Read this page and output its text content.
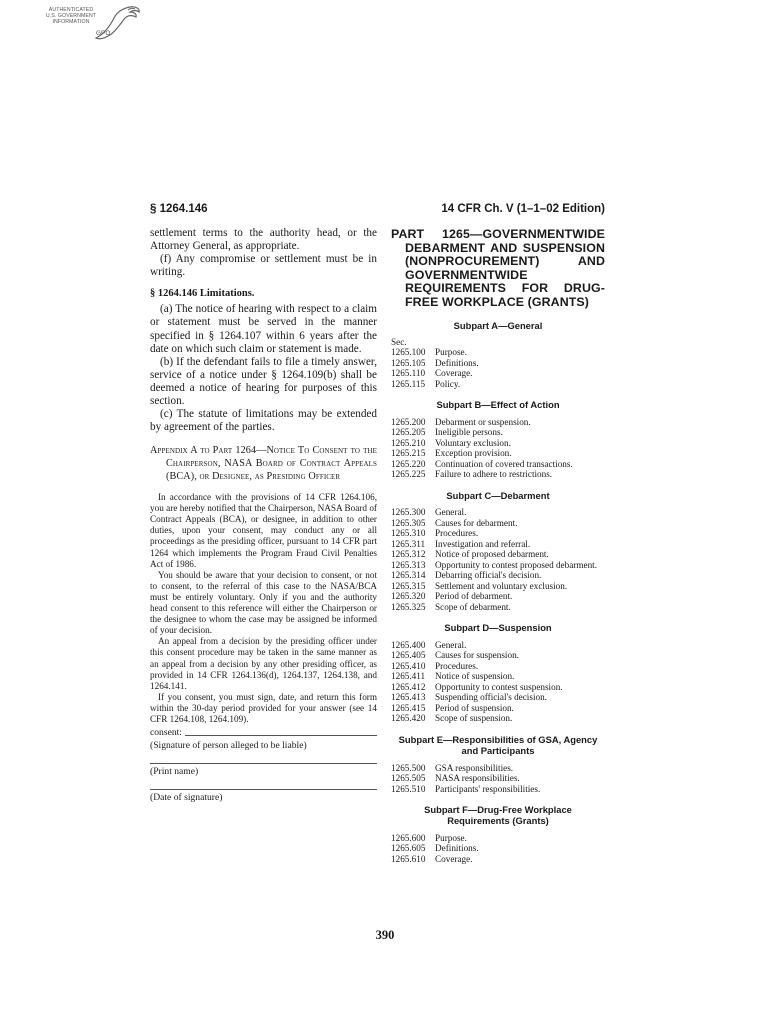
AUTHENTICATED
U.S. GOVERNMENT
INFORMATION
GPO
§ 1264.146	14 CFR Ch. V (1–1–02 Edition)

settlement terms to the authority head, or the Attorney General, as appropriate.

(f) Any compromise or settlement must be in writing.

§ 1264.146 Limitations.

(a) The notice of hearing with respect to a claim or statement must be served in the manner specified in § 1264.107 within 6 years after the date on which such claim or statement is made.

(b) If the defendant fails to file a timely answer, service of a notice under § 1264.109(b) shall be deemed a notice of hearing for purposes of this section.

(c) The statute of limitations may be extended by agreement of the parties.

Appendix A to Part 1264—Notice To Consent to the Chairperson, NASA Board of Contract Appeals (BCA), or Designee, as Presiding Officer

In accordance with the provisions of 14 CFR 1264.106, you are hereby notified that the Chairperson, NASA Board of Contract Appeals (BCA), or designee, in addition to other duties, upon your consent, may conduct any or all proceedings as the presiding officer, pursuant to 14 CFR part 1264 which implements the Program Fraud Civil Penalties Act of 1986.

You should be aware that your decision to consent, or not to consent, to the referral of this case to the NASA/BCA must be entirely voluntary. Only if you and the authority head consent to this reference will either the Chairperson or the designee to whom the case may be assigned be informed of your decision.

An appeal from a decision by the presiding officer under this consent procedure may be taken in the same manner as an appeal from a decision by any other presiding officer, as provided in 14 CFR 1264.136(d), 1264.137, 1264.138, and 1264.141.

If you consent, you must sign, date, and return this form within the 30-day period provided for your answer (see 14 CFR 1264.108, 1264.109).

consent:
(Signature of person alleged to be liable)
(Print name)
(Date of signature)

PART 1265—GOVERNMENTWIDE DEBARMENT AND SUSPENSION (NONPROCUREMENT) AND GOVERNMENTWIDE REQUIREMENTS FOR DRUG-FREE WORKPLACE (GRANTS)

Subpart A—General
Sec.
1265.100	Purpose.
1265.105	Definitions.
1265.110	Coverage.
1265.115	Policy.
Subpart B—Effect of Action
1265.200	Debarment or suspension.
1265.205	Ineligible persons.
1265.210	Voluntary exclusion.
1265.215	Exception provision.
1265.220	Continuation of covered transactions.
1265.225	Failure to adhere to restrictions.
Subpart C—Debarment
1265.300	General.
1265.305	Causes for debarment.
1265.310	Procedures.
1265.311	Investigation and referral.
1265.312	Notice of proposed debarment.
1265.313	Opportunity to contest proposed debarment.
1265.314	Debarring official's decision.
1265.315	Settlement and voluntary exclusion.
1265.320	Period of debarment.
1265.325	Scope of debarment.
Subpart D—Suspension
1265.400	General.
1265.405	Causes for suspension.
1265.410	Procedures.
1265.411	Notice of suspension.
1265.412	Opportunity to contest suspension.
1265.413	Suspending official's decision.
1265.415	Period of suspension.
1265.420	Scope of suspension.
Subpart E—Responsibilities of GSA, Agency and Participants
1265.500	GSA responsibilities.
1265.505	NASA responsibilities.
1265.510	Participants' responsibilities.
Subpart F—Drug-Free Workplace Requirements (Grants)
1265.600	Purpose.
1265.605	Definitions.
1265.610	Coverage.
390
